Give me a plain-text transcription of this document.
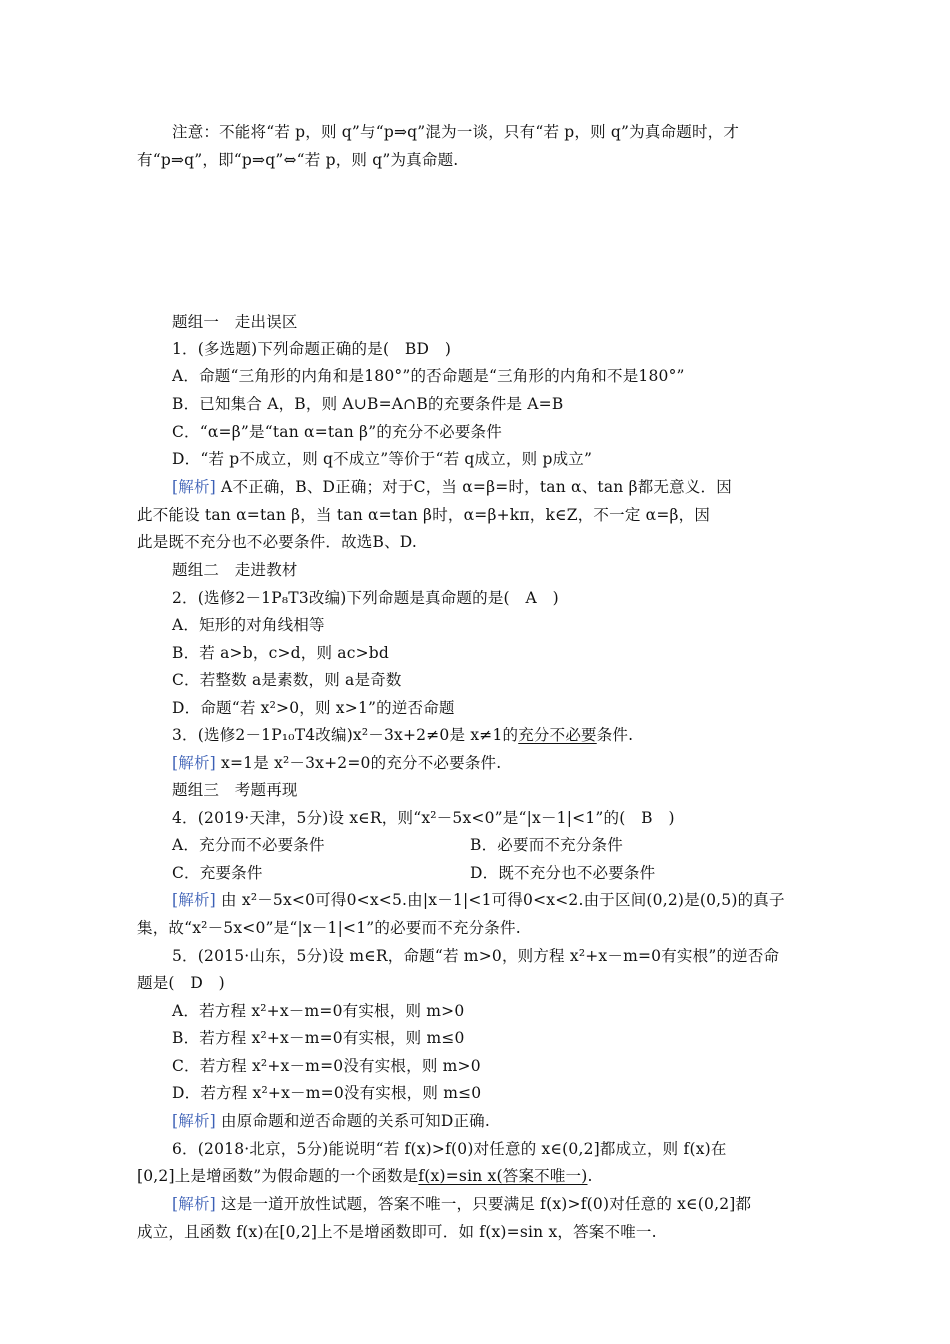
注意：不能将“若 p，则 q”与“p⇒q”混为一谈，只有“若 p，则 q”为真命题时，才
有“p⇒q”，即“p⇒q”⇔“若 p，则 q”为真命题.
题组一　走出误区
1．(多选题)下列命题正确的是(　BD　)
A．命题“三角形的内角和是180°”的否命题是“三角形的内角和不是180°”
B．已知集合 A，B，则 A∪B=A∩B的充要条件是 A=B
C．“α=β”是“tan α=tan β”的充分不必要条件
D．“若 p不成立，则 q不成立”等价于“若 q成立，则 p成立”
[解析] A不正确，B、D正确；对于C，当 α=β=时，tan α、tan β都无意义．因
此不能设 tan α=tan β，当 tan α=tan β时，α=β+kπ，k∈Z，不一定 α=β，因
此是既不充分也不必要条件．故选B、D.
题组二　走进教材
2．(选修2－1P₈T3改编)下列命题是真命题的是(　A　)
A．矩形的对角线相等
B．若 a>b，c>d，则 ac>bd
C．若整数 a是素数，则 a是奇数
D．命题“若 x²>0，则 x>1”的逆否命题
3．(选修2－1P₁₀T4改编)x²－3x+2≠0是 x≠1的充分不必要条件.
[解析] x=1是 x²－3x+2=0的充分不必要条件.
题组三　考题再现
4．(2019·天津，5分)设 x∈R，则“x²－5x<0”是“|x－1|<1”的(　B　)
A．充分而不必要条件	B．必要而不充分条件
C．充要条件	D．既不充分也不必要条件
[解析] 由 x²－5x<0可得0<x<5.由|x－1|<1可得0<x<2.由于区间(0,2)是(0,5)的真子
集，故“x²－5x<0”是“|x－1|<1”的必要而不充分条件.
5．(2015·山东，5分)设 m∈R，命题“若 m>0，则方程 x²+x－m=0有实根”的逆否命
题是(　D　)
A．若方程 x²+x－m=0有实根，则 m>0
B．若方程 x²+x－m=0有实根，则 m≤0
C．若方程 x²+x－m=0没有实根，则 m>0
D．若方程 x²+x－m=0没有实根，则 m≤0
[解析] 由原命题和逆否命题的关系可知D正确.
6．(2018·北京，5分)能说明“若 f(x)>f(0)对任意的 x∈(0,2]都成立，则 f(x)在
[0,2]上是增函数”为假命题的一个函数是f(x)=sin x(答案不唯一).
[解析] 这是一道开放性试题，答案不唯一，只要满足 f(x)>f(0)对任意的 x∈(0,2]都
成立，且函数 f(x)在[0,2]上不是增函数即可．如 f(x)=sin x，答案不唯一.
